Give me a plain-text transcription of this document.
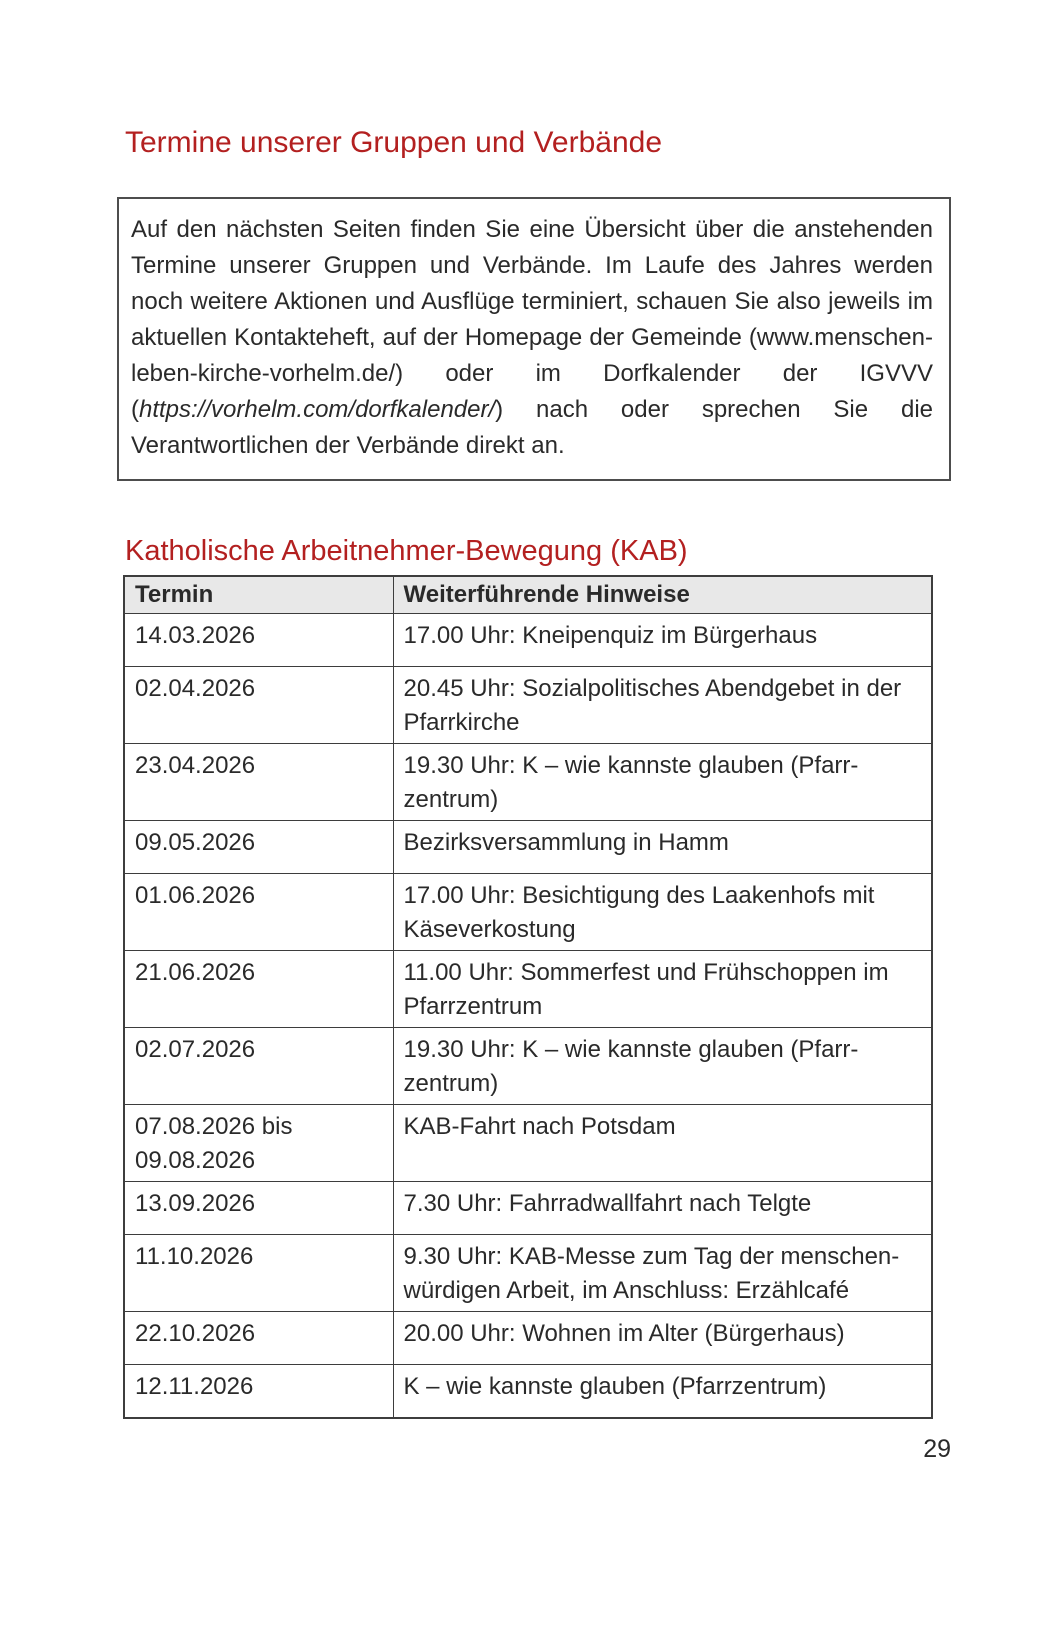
Termine unserer Gruppen und Verbände

Auf den nächsten Seiten finden Sie eine Übersicht über die anstehenden Termine unserer Gruppen und Verbände. Im Laufe des Jahres werden noch weitere Aktionen und Ausflüge terminiert, schauen Sie also jeweils im aktuellen Kontakteheft, auf der Homepage der Gemeinde (www.menschen-leben-kirche-vorhelm.de/) oder im Dorfkalender der IGVVV (https://vorhelm.com/dorfkalender/) nach oder sprechen Sie die Verantwortlichen der Verbände direkt an.

Katholische Arbeitnehmer-Bewegung (KAB)
Termin	Weiterführende Hinweise
14.03.2026	17.00 Uhr: Kneipenquiz im Bürgerhaus
02.04.2026	20.45 Uhr: Sozialpolitisches Abendgebet in der Pfarrkirche
23.04.2026	19.30 Uhr: K – wie kannste glauben (Pfarr-zentrum)
09.05.2026	Bezirksversammlung in Hamm
01.06.2026	17.00 Uhr: Besichtigung des Laakenhofs mit Käseverkostung
21.06.2026	11.00 Uhr: Sommerfest und Frühschoppen im Pfarrzentrum
02.07.2026	19.30 Uhr: K – wie kannste glauben (Pfarr-zentrum)
07.08.2026 bis 09.08.2026	KAB-Fahrt nach Potsdam
13.09.2026	7.30 Uhr: Fahrradwallfahrt nach Telgte
11.10.2026	9.30 Uhr: KAB-Messe zum Tag der menschen-würdigen Arbeit, im Anschluss: Erzählcafé
22.10.2026	20.00 Uhr: Wohnen im Alter (Bürgerhaus)
12.11.2026	K – wie kannste glauben (Pfarrzentrum)
29
